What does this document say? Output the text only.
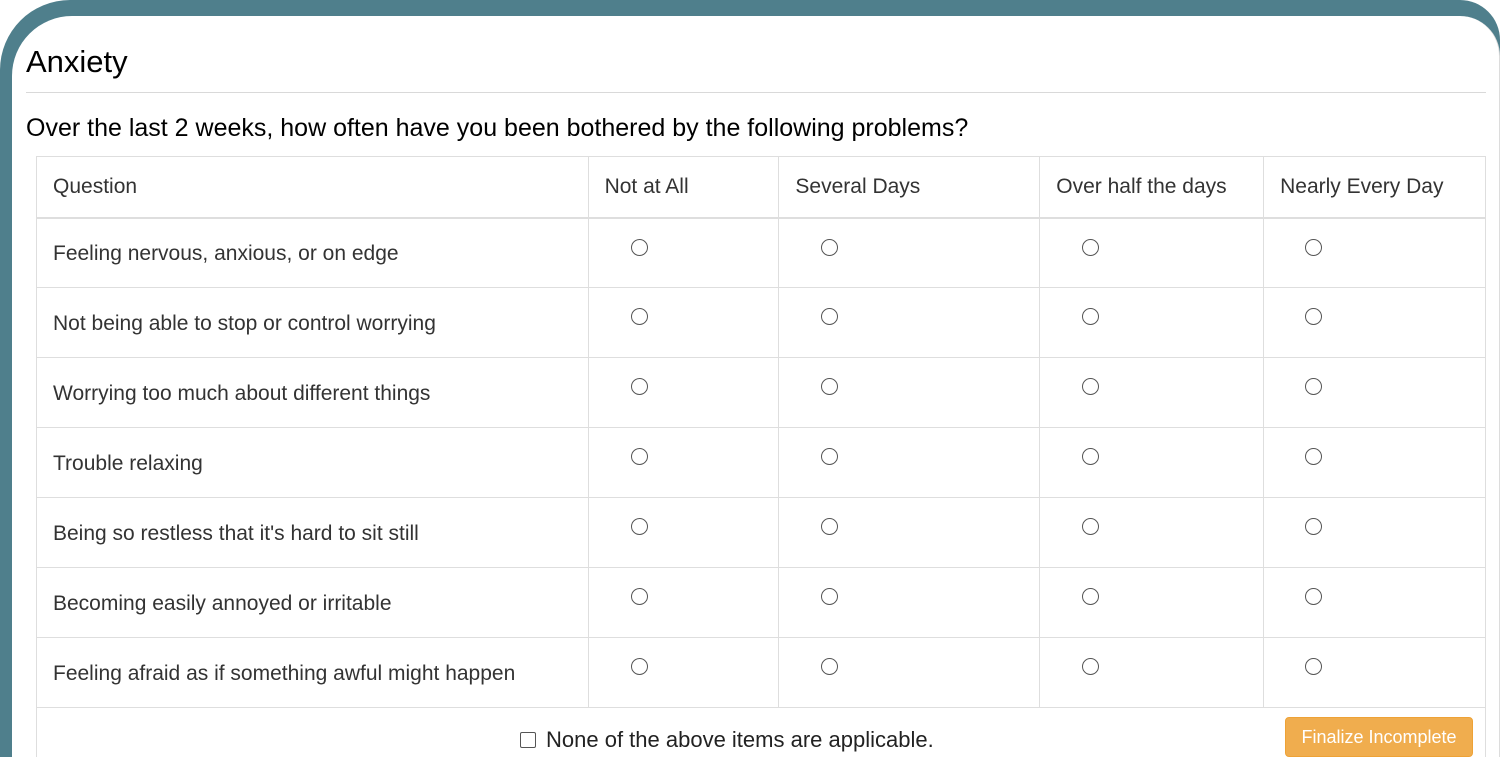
Anxiety
Over the last 2 weeks, how often have you been bothered by the following problems?
Question	Not at All	Several Days	Over half the days	Nearly Every Day
Feeling nervous, anxious, or on edge	

Not being able to stop or control worrying	

Worrying too much about different things	

Trouble relaxing	

Being so restless that it's hard to sit still	

Becoming easily annoyed or irritable	

Feeling afraid as if something awful might happen	

None of the above items are applicable.	Finalize Incomplete
